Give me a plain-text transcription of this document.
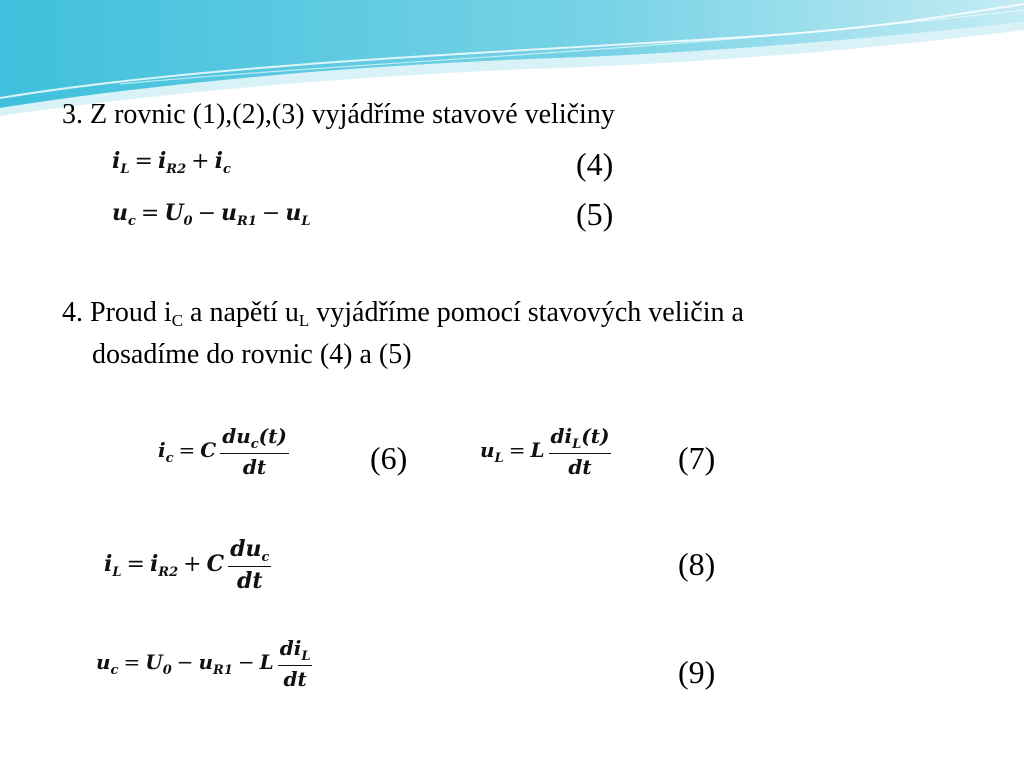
3. Z rovnic (1),(2),(3) vyjádříme stavové veličiny
$i_L = i_{R2} + i_c$	(4)
$u_c = U_0 - u_{R1} - u_L$	(5)
4. Proud $i_C$ a napětí $u_L$ vyjádříme pomocí stavových veličin a
dosadíme do rovnic (4) a (5)
$i_c = C \frac{du_c(t)}{dt}$	(6)	$u_L = L \frac{di_L(t)}{dt} (7)$
$i_L = i_{R2} + C \frac{du_c}{dt}$	(8)
$u_c = U_0 - u_{R1} - L \frac{di_L}{dt}$	(9)
